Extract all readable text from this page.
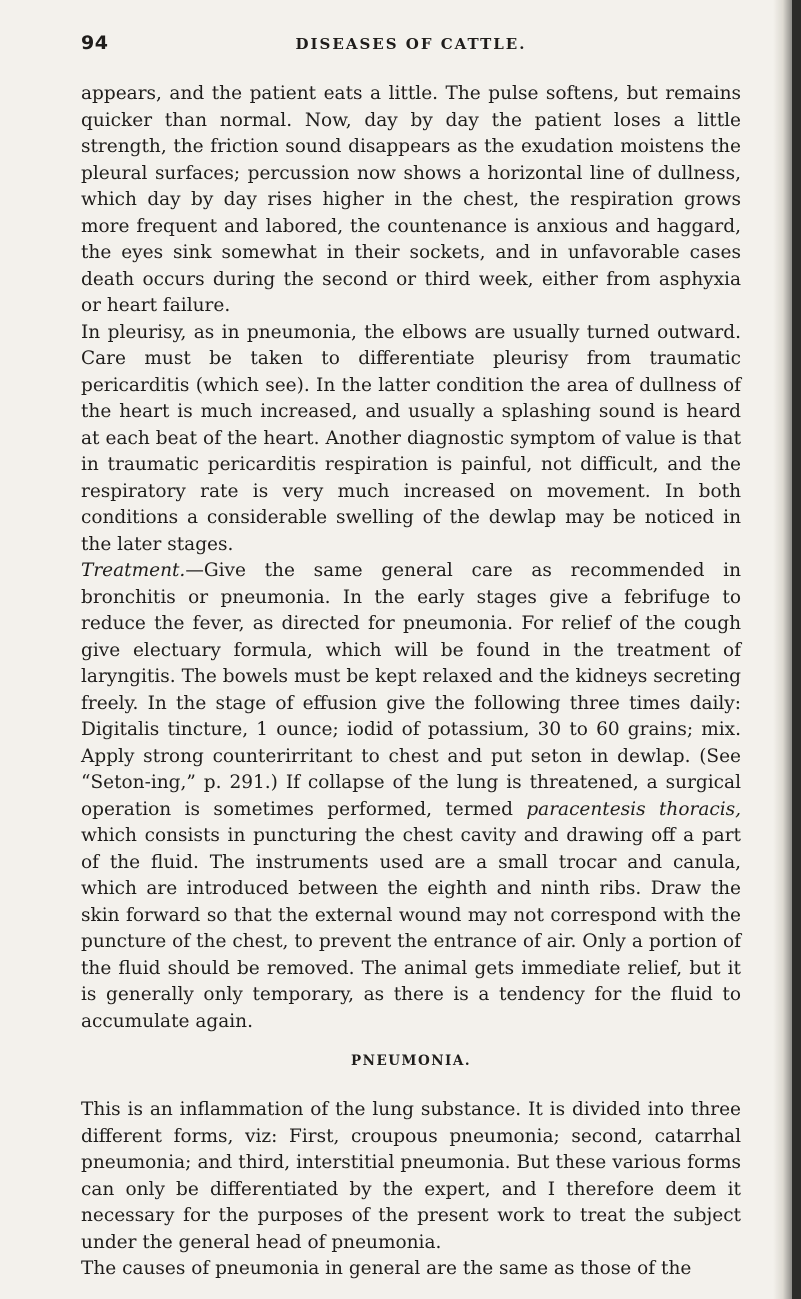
94	DISEASES OF CATTLE.

appears, and the patient eats a little. The pulse softens, but remains quicker than normal. Now, day by day the patient loses a little strength, the friction sound disappears as the exudation moistens the pleural surfaces; percussion now shows a horizontal line of dullness, which day by day rises higher in the chest, the respiration grows more frequent and labored, the countenance is anxious and haggard, the eyes sink somewhat in their sockets, and in unfavorable cases death occurs during the second or third week, either from asphyxia or heart failure.

In pleurisy, as in pneumonia, the elbows are usually turned outward. Care must be taken to differentiate pleurisy from traumatic pericarditis (which see). In the latter condition the area of dullness of the heart is much increased, and usually a splashing sound is heard at each beat of the heart. Another diagnostic symptom of value is that in traumatic pericarditis respiration is painful, not difficult, and the respiratory rate is very much increased on movement. In both conditions a considerable swelling of the dewlap may be noticed in the later stages.

Treatment.—Give the same general care as recommended in bronchitis or pneumonia. In the early stages give a febrifuge to reduce the fever, as directed for pneumonia. For relief of the cough give electuary formula, which will be found in the treatment of laryngitis. The bowels must be kept relaxed and the kidneys secreting freely. In the stage of effusion give the following three times daily: Digitalis tincture, 1 ounce; iodid of potassium, 30 to 60 grains; mix. Apply strong counterirritant to chest and put seton in dewlap. (See “Seton-ing,” p. 291.) If collapse of the lung is threatened, a surgical operation is sometimes performed, termed paracentesis thoracis, which consists in puncturing the chest cavity and drawing off a part of the fluid. The instruments used are a small trocar and canula, which are introduced between the eighth and ninth ribs. Draw the skin forward so that the external wound may not correspond with the puncture of the chest, to prevent the entrance of air. Only a portion of the fluid should be removed. The animal gets immediate relief, but it is generally only temporary, as there is a tendency for the fluid to accumulate again.

PNEUMONIA.

This is an inflammation of the lung substance. It is divided into three different forms, viz: First, croupous pneumonia; second, catarrhal pneumonia; and third, interstitial pneumonia. But these various forms can only be differentiated by the expert, and I therefore deem it necessary for the purposes of the present work to treat the subject under the general head of pneumonia.

The causes of pneumonia in general are the same as those of the
